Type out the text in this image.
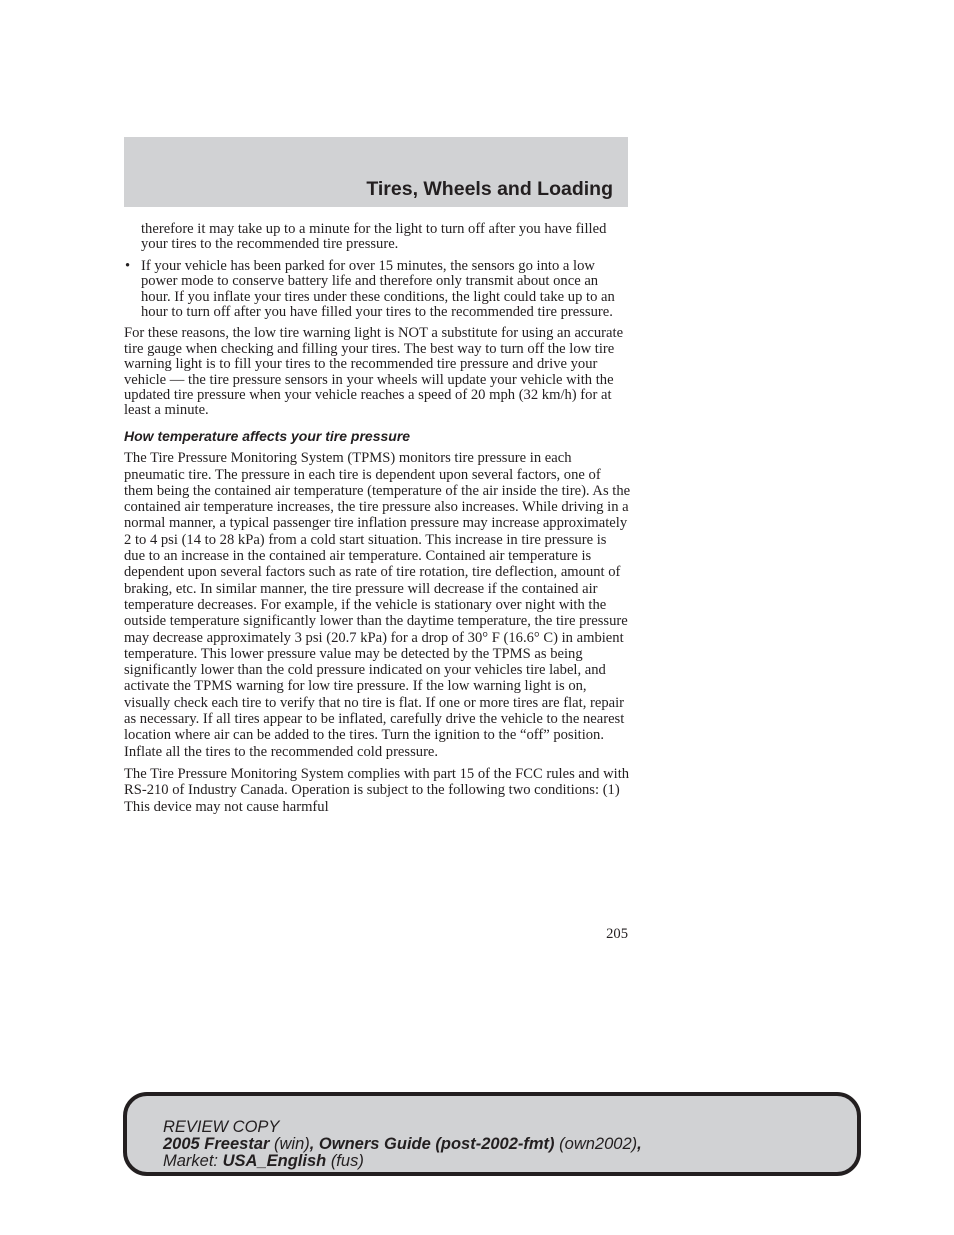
Tires, Wheels and Loading

therefore it may take up to a minute for the light to turn off after you have filled your tires to the recommended tire pressure.

• If your vehicle has been parked for over 15 minutes, the sensors go into a low power mode to conserve battery life and therefore only transmit about once an hour. If you inflate your tires under these conditions, the light could take up to an hour to turn off after you have filled your tires to the recommended tire pressure.

For these reasons, the low tire warning light is NOT a substitute for using an accurate tire gauge when checking and filling your tires. The best way to turn off the low tire warning light is to fill your tires to the recommended tire pressure and drive your vehicle — the tire pressure sensors in your wheels will update your vehicle with the updated tire pressure when your vehicle reaches a speed of 20 mph (32 km/h) for at least a minute.

How temperature affects your tire pressure

The Tire Pressure Monitoring System (TPMS) monitors tire pressure in each pneumatic tire. The pressure in each tire is dependent upon several factors, one of them being the contained air temperature (temperature of the air inside the tire). As the contained air temperature increases, the tire pressure also increases. While driving in a normal manner, a typical passenger tire inflation pressure may increase approximately 2 to 4 psi (14 to 28 kPa) from a cold start situation. This increase in tire pressure is due to an increase in the contained air temperature. Contained air temperature is dependent upon several factors such as rate of tire rotation, tire deflection, amount of braking, etc. In similar manner, the tire pressure will decrease if the contained air temperature decreases. For example, if the vehicle is stationary over night with the outside temperature significantly lower than the daytime temperature, the tire pressure may decrease approximately 3 psi (20.7 kPa) for a drop of 30° F (16.6° C) in ambient temperature. This lower pressure value may be detected by the TPMS as being significantly lower than the cold pressure indicated on your vehicles tire label, and activate the TPMS warning for low tire pressure. If the low warning light is on, visually check each tire to verify that no tire is flat. If one or more tires are flat, repair as necessary. If all tires appear to be inflated, carefully drive the vehicle to the nearest location where air can be added to the tires. Turn the ignition to the “off” position. Inflate all the tires to the recommended cold pressure.

The Tire Pressure Monitoring System complies with part 15 of the FCC rules and with RS-210 of Industry Canada. Operation is subject to the following two conditions: (1) This device may not cause harmful

205
REVIEW COPY
2005 Freestar (win), Owners Guide (post-2002-fmt) (own2002),
Market: USA_English (fus)
